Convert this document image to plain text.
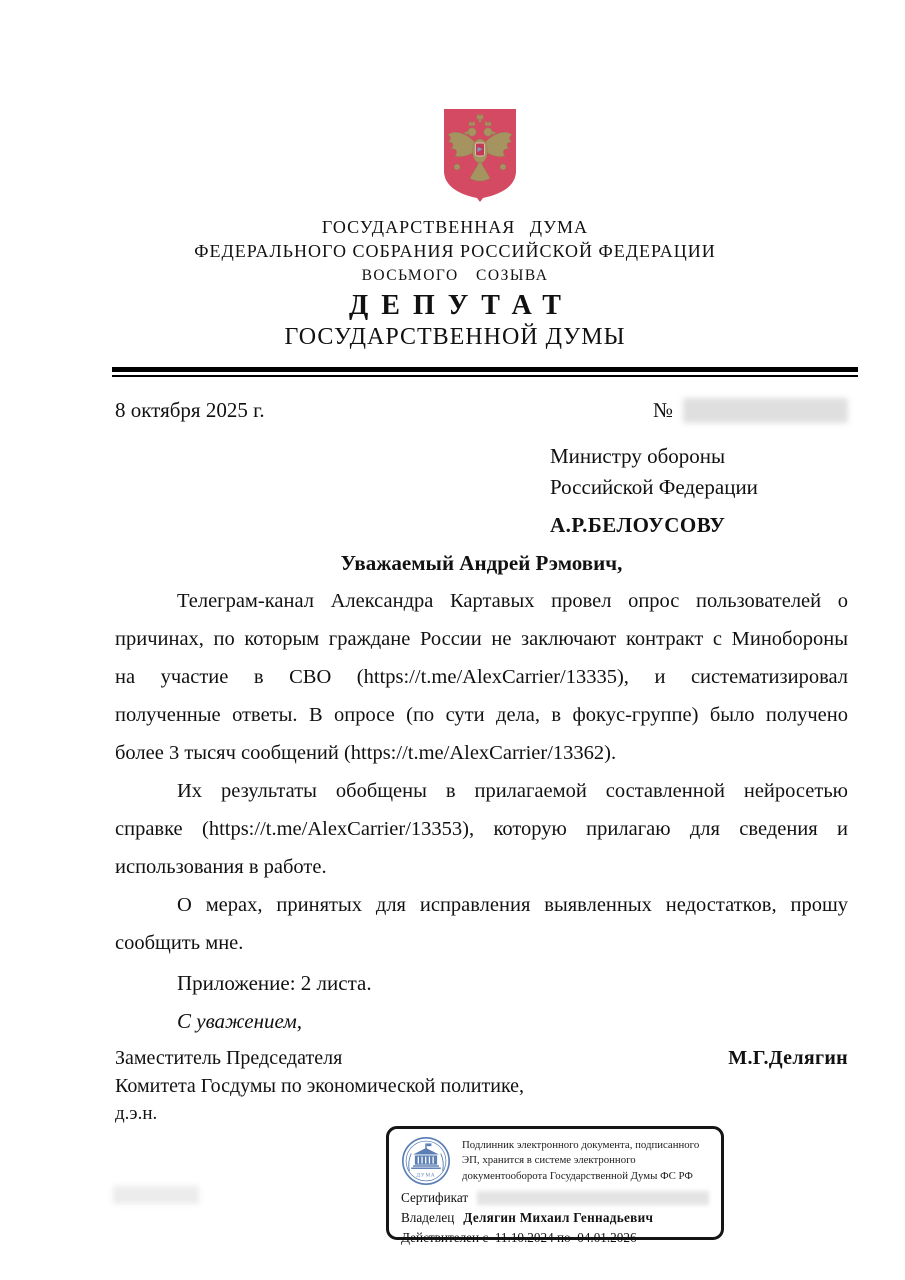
ГОСУДАРСТВЕННАЯ ДУМА
ФЕДЕРАЛЬНОГО СОБРАНИЯ РОССИЙСКОЙ ФЕДЕРАЦИИ
ВОСЬМОГО СОЗЫВА
ДЕПУТАТ
ГОСУДАРСТВЕННОЙ ДУМЫ
8 октября 2025 г.	№
Министру обороны
Российской Федерации
А.Р.БЕЛОУСОВУ
Уважаемый Андрей Рэмович,
Телеграм-канал Александра Картавых провел опрос пользователей о
причинах, по которым граждане России не заключают контракт с Минобороны
на участие в СВО (https://t.me/AlexCarrier/13335), и систематизировал
полученные ответы. В опросе (по сути дела, в фокус-группе) было получено
более 3 тысяч сообщений (https://t.me/AlexCarrier/13362).
Их результаты обобщены в прилагаемой составленной нейросетью
справке (https://t.me/AlexCarrier/13353), которую прилагаю для сведения и
использования в работе.
О мерах, принятых для исправления выявленных недостатков, прошу
сообщить мне.
Приложение: 2 листа.
С уважением,
Заместитель Председателя	М.Г.Делягин
Комитета Госдумы по экономической политике,
д.э.н.
ДУМА
Подлинник электронного документа, подписанного
ЭП, хранится в системе электронного
документооборота Государственной Думы ФС РФ
Сертификат
Владелец Делягин Михаил Геннадьевич
Действителен с  11.10.2024 по  04.01.2026
